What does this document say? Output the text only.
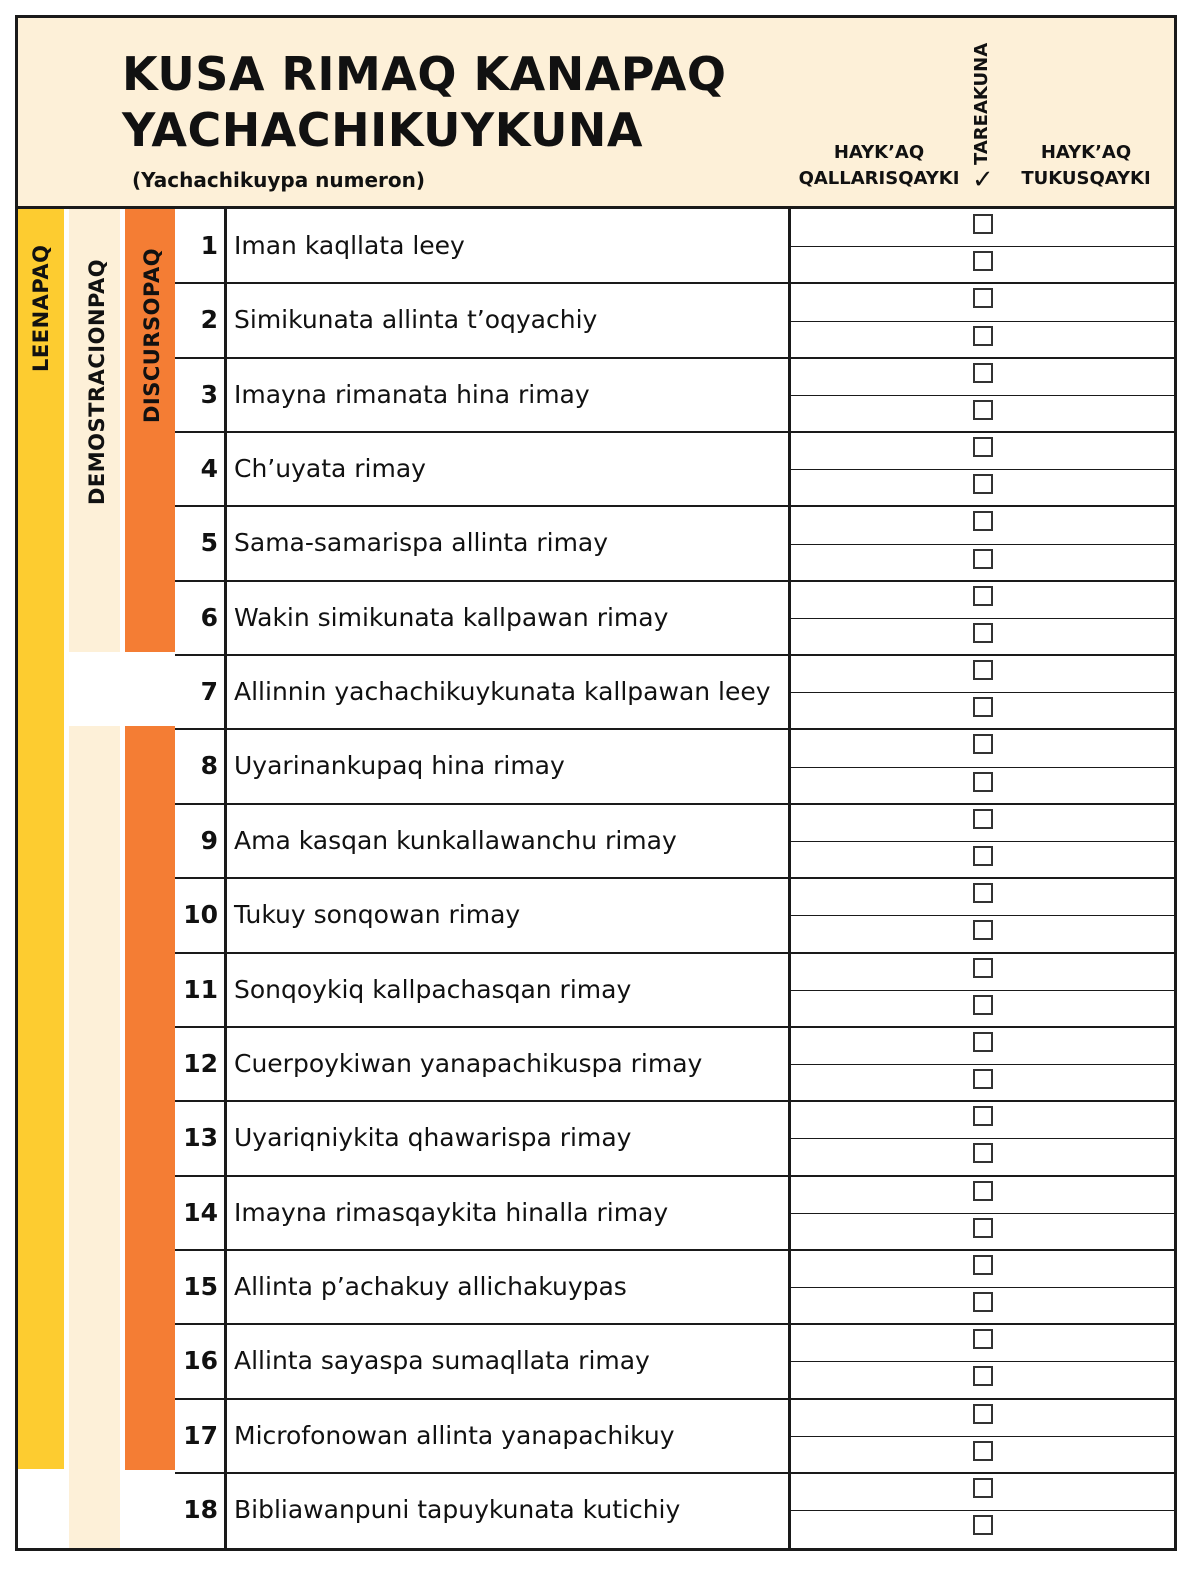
KUSA RIMAQ KANAPAQ
YACHACHIKUYKUNA
(Yachachikuypa numeron)
HAYK’AQ
QALLARISQAYKI
TAREAKUNA
✓
HAYK’AQ
TUKUSQAYKI
LEENAPAQ DEMOSTRACIONPAQ DISCURSOPAQ
1 Iman kaqllata leey
2 Simikunata allinta t’oqyachiy
3 Imayna rimanata hina rimay
4 Ch’uyata rimay
5 Sama-samarispa allinta rimay
6 Wakin simikunata kallpawan rimay
7 Allinnin yachachikuykunata kallpawan leey
8 Uyarinankupaq hina rimay
9 Ama kasqan kunkallawanchu rimay
10 Tukuy sonqowan rimay
11 Sonqoykiq kallpachasqan rimay
12 Cuerpoykiwan yanapachikuspa rimay
13 Uyariqniykita qhawarispa rimay
14 Imayna rimasqaykita hinalla rimay
15 Allinta p’achakuy allichakuypas
16 Allinta sayaspa sumaqllata rimay
17 Microfonowan allinta yanapachikuy
18 Bibliawanpuni tapuykunata kutichiy
